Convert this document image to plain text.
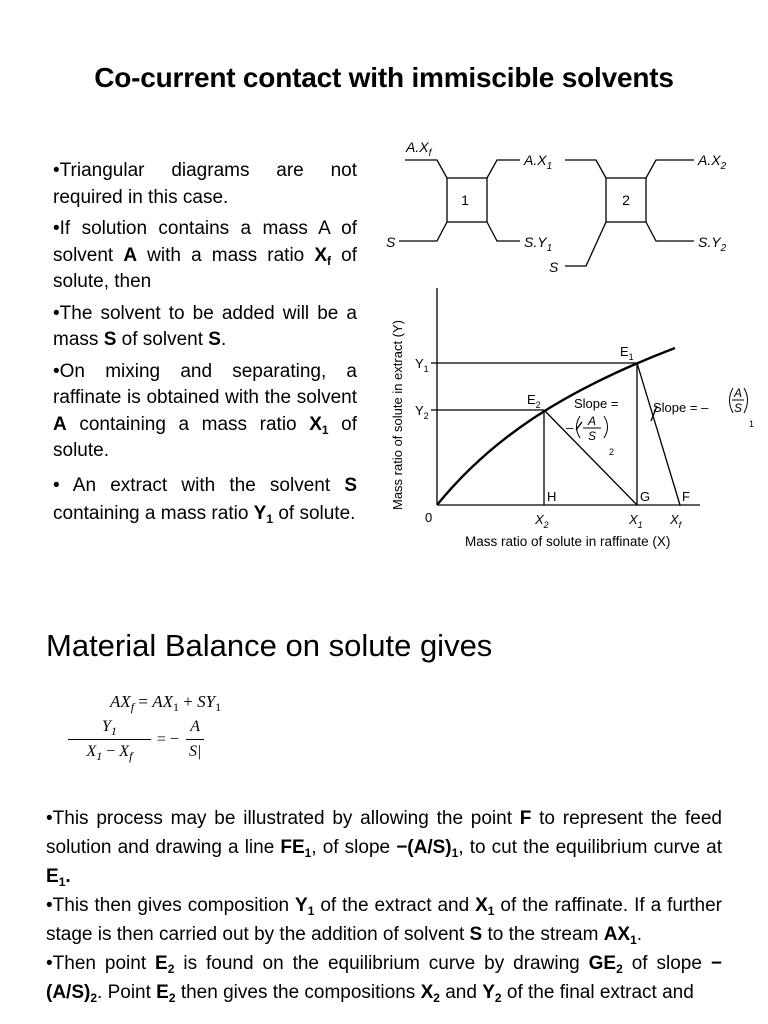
Co-current contact with immiscible solvents

•Triangular diagrams are not required in this case.

•If solution contains a mass A of solvent A with a mass ratio $X_f$ of solute, then

•The solvent to be added will be a mass S of solvent S.

•On mixing and separating, a raffinate is obtained with the solvent A containing a mass ratio $X_1$ of solute.

• An extract with the solvent S containing a mass ratio $Y_1$ of solute.

1	2
$A.X_f$	$A.X_1$	$A.X_2$
S	$S.Y_1$	$S.Y_2$
S
Mass ratio of solute in extract (Y)
Mass ratio of solute in raffinate (X)
0
$Y_1$
$Y_2$
$X_2$	$X_1$ $X_f$
$E_1$
$E_2$
H	G F
Slope =
– A
S
2
Slope = –
A
S
1
Material Balance on solute gives
$AX_f = AX_1 + SY_1$
$\frac{Y_1}{X_1 - X_f}$ = − $\frac{A}{S|}$

•This process may be illustrated by allowing the point F to represent the feed solution and drawing a line $FE_1$, of slope $-(A/S)_1$, to cut the equilibrium curve at $E_1$.

•This then gives composition $Y_1$ of the extract and $X_1$ of the raffinate. If a further stage is then carried out by the addition of solvent S to the stream $AX_1$.

•Then point $E_2$ is found on the equilibrium curve by drawing $GE_2$ of slope $-(A/S)_2$. Point $E_2$ then gives the compositions $X_2$ and $Y_2$ of the final extract and
